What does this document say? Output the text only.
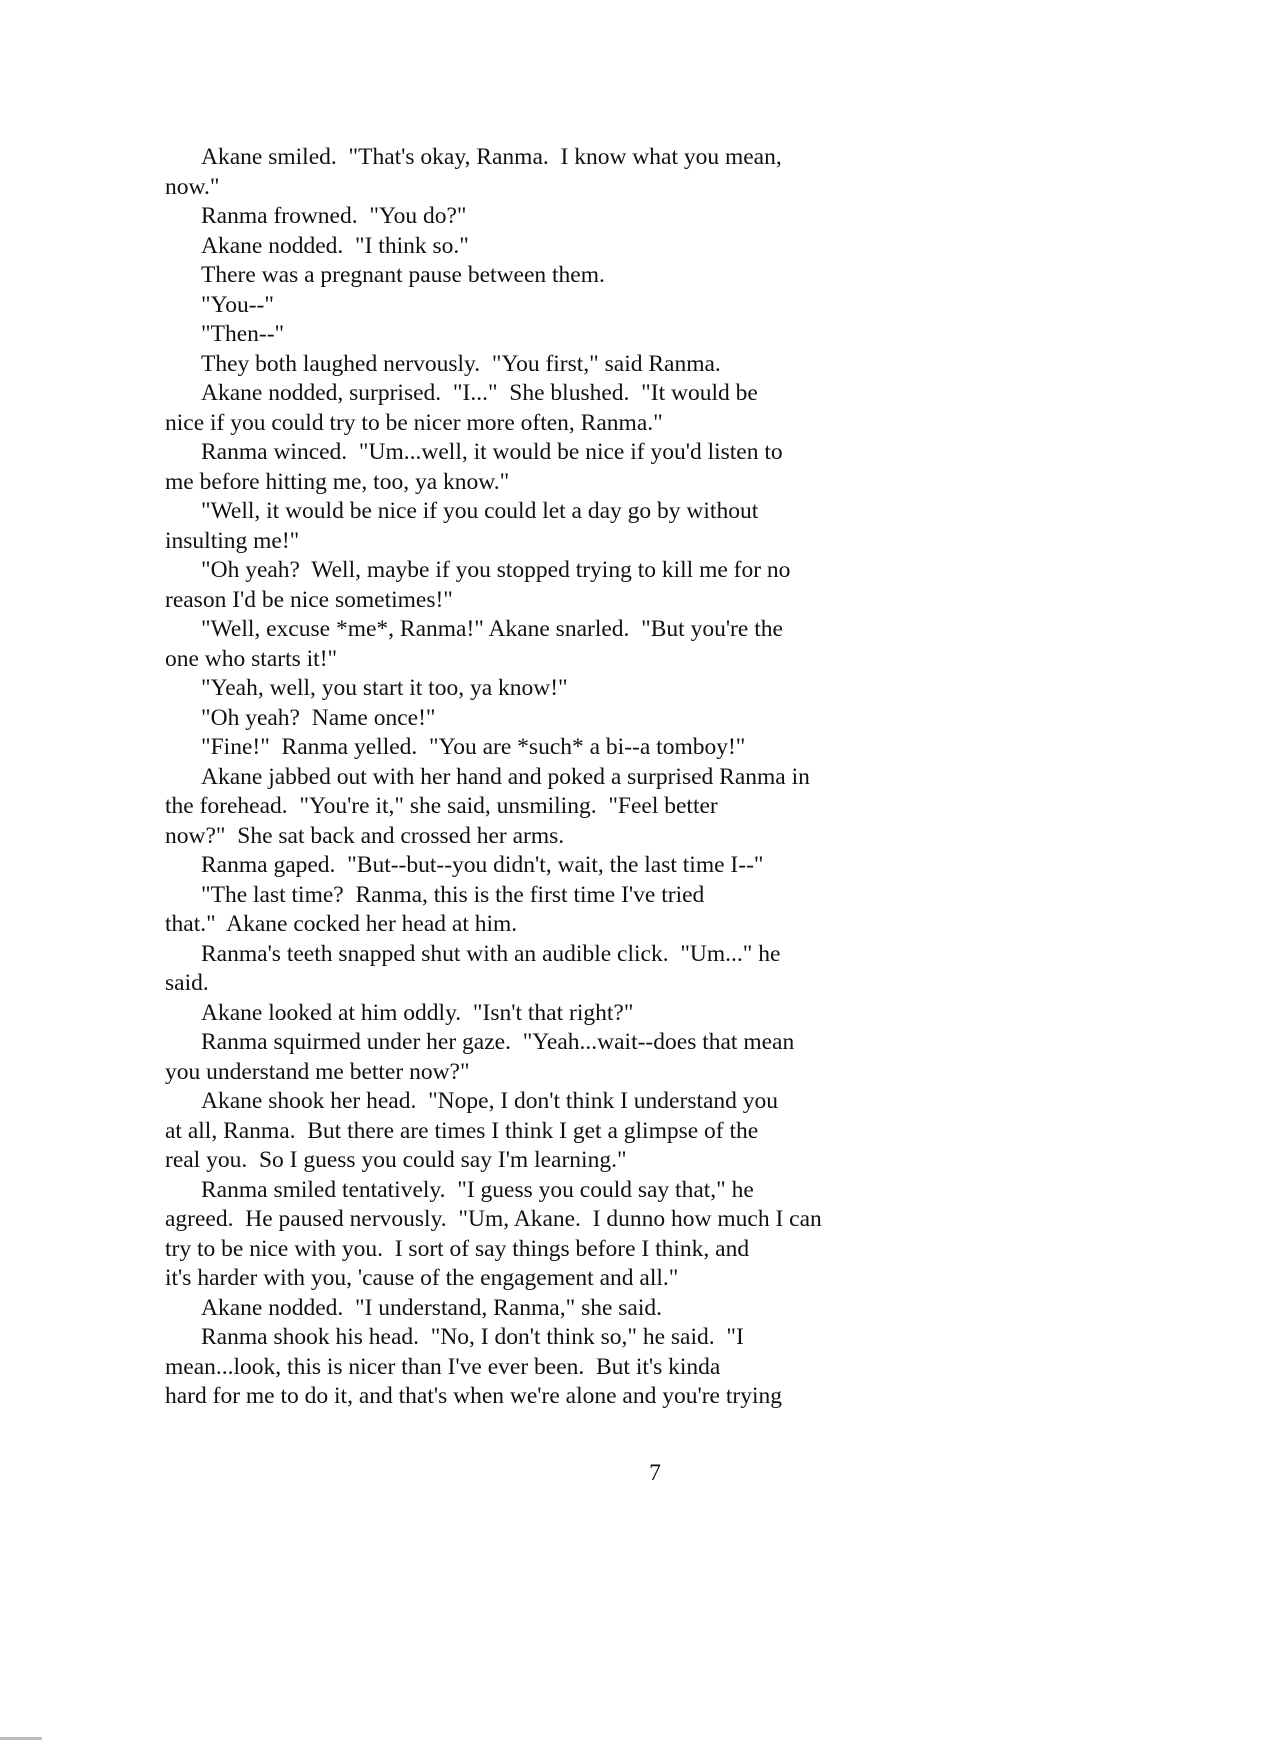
Akane smiled.  "That's okay, Ranma.  I know what you mean,
now."
Ranma frowned.  "You do?"
Akane nodded.  "I think so."
There was a pregnant pause between them.
"You--"
"Then--"
They both laughed nervously.  "You first," said Ranma.
Akane nodded, surprised.  "I..."  She blushed.  "It would be
nice if you could try to be nicer more often, Ranma."
Ranma winced.  "Um...well, it would be nice if you'd listen to
me before hitting me, too, ya know."
"Well, it would be nice if you could let a day go by without
insulting me!"
"Oh yeah?  Well, maybe if you stopped trying to kill me for no
reason I'd be nice sometimes!"
"Well, excuse *me*, Ranma!" Akane snarled.  "But you're the
one who starts it!"
"Yeah, well, you start it too, ya know!"
"Oh yeah?  Name once!"
"Fine!"  Ranma yelled.  "You are *such* a bi--a tomboy!"
Akane jabbed out with her hand and poked a surprised Ranma in
the forehead.  "You're it," she said, unsmiling.  "Feel better
now?"  She sat back and crossed her arms.
Ranma gaped.  "But--but--you didn't, wait, the last time I--"
"The last time?  Ranma, this is the first time I've tried
that."  Akane cocked her head at him.
Ranma's teeth snapped shut with an audible click.  "Um..." he
said.
Akane looked at him oddly.  "Isn't that right?"
Ranma squirmed under her gaze.  "Yeah...wait--does that mean
you understand me better now?"
Akane shook her head.  "Nope, I don't think I understand you
at all, Ranma.  But there are times I think I get a glimpse of the
real you.  So I guess you could say I'm learning."
Ranma smiled tentatively.  "I guess you could say that," he
agreed.  He paused nervously.  "Um, Akane.  I dunno how much I can
try to be nice with you.  I sort of say things before I think, and
it's harder with you, 'cause of the engagement and all."
Akane nodded.  "I understand, Ranma," she said.
Ranma shook his head.  "No, I don't think so," he said.  "I
mean...look, this is nicer than I've ever been.  But it's kinda
hard for me to do it, and that's when we're alone and you're trying
7
